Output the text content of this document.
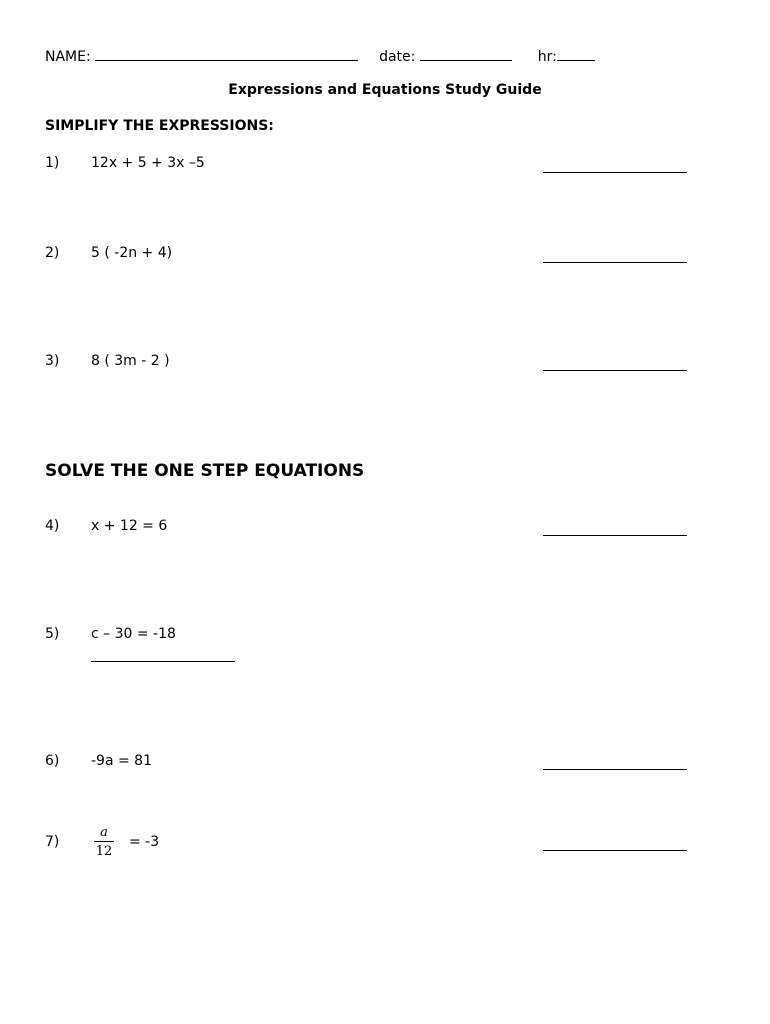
NAME:	date:	hr:
Expressions and Equations Study Guide
SIMPLIFY THE EXPRESSIONS:
1) 12x + 5 + 3x –5
2) 5 ( -2n + 4)
3) 8 ( 3m - 2 )
SOLVE THE ONE STEP EQUATIONS
4) x + 12 = 6
5) c – 30 = -18
6) -9a = 81
7)
a
12
= -3
